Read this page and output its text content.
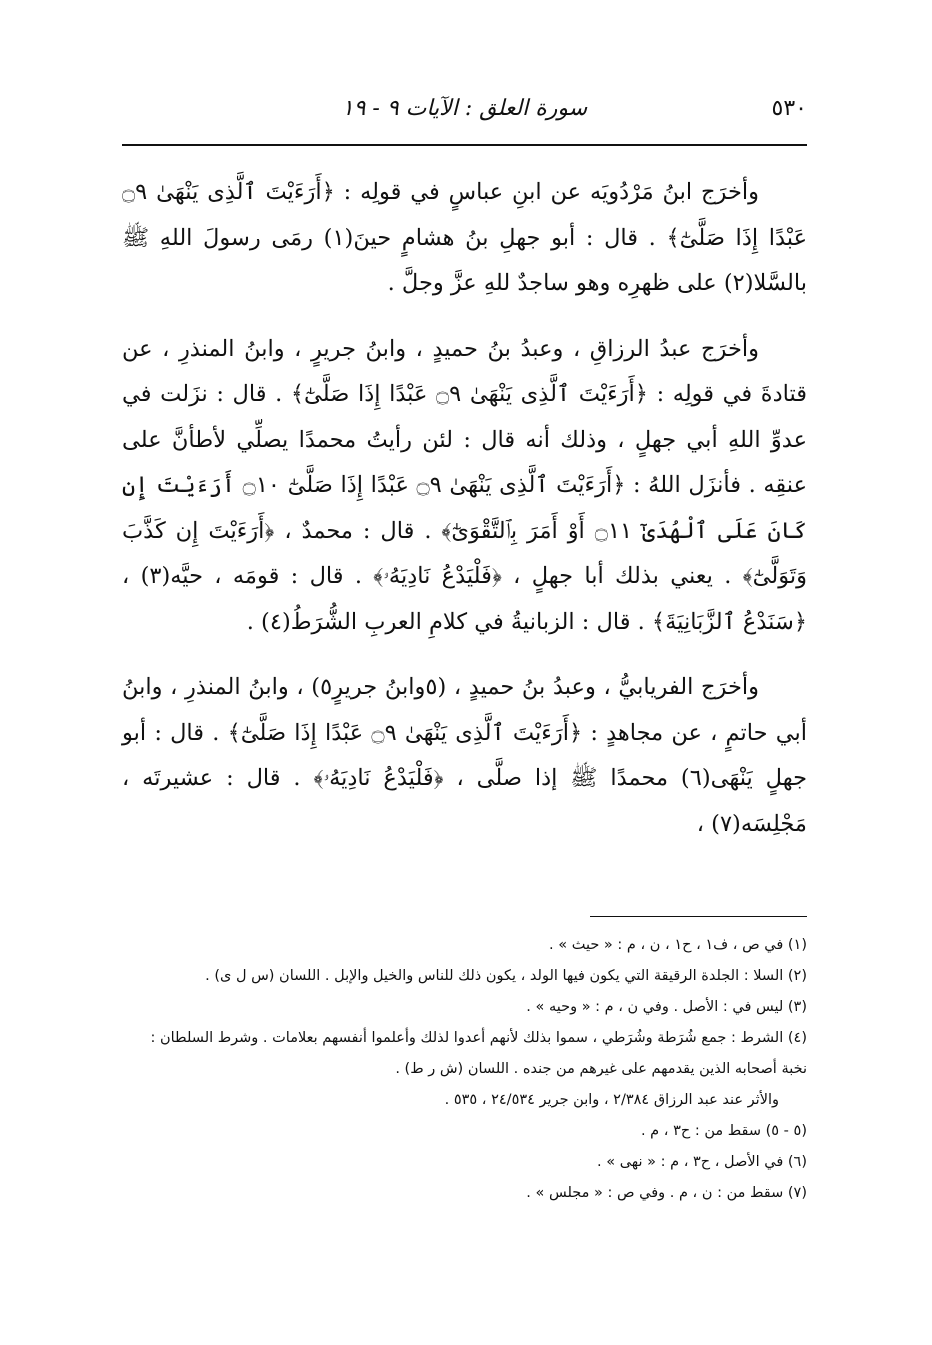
٥٣٠
سورة العلق : الآيات ٩ - ١٩

وأخرَج ابنُ مَرْدُويَه عن ابنِ عباسٍ في قولِه : ﴿أَرَءَيْتَ ٱلَّذِى يَنْهَىٰ ۝٩ عَبْدًا إِذَا صَلَّىٰٓ﴾ . قال : أبو جهلِ بنُ هشامٍ حينَ(١) رمَى رسولَ اللهِ ﷺ بالسَّلا(٢) على ظهرِه وهو ساجدٌ للهِ عزَّ وجلَّ .

وأخرَج عبدُ الرزاقِ ، وعبدُ بنُ حميدٍ ، وابنُ جريرٍ ، وابنُ المنذرِ ، عن قتادةَ في قولِه : ﴿أَرَءَيْتَ ٱلَّذِى يَنْهَىٰ ۝٩ عَبْدًا إِذَا صَلَّىٰٓ﴾ . قال : نزَلت في عدوِّ اللهِ أبي جهلٍ ، وذلك أنه قال : لئن رأيتُ محمدًا يصلِّي لأطأنَّ على عنقِه . فأنزَل اللهُ : ﴿أَرَءَيْتَ ٱلَّذِى يَنْهَىٰ ۝٩ عَبْدًا إِذَا صَلَّىٰٓ ۝١٠ أَرَءَيْتَ إِن كَانَ عَلَى ٱلْهُدَىٰٓ ۝١١ أَوْ أَمَرَ بِٱلتَّقْوَىٰٓ﴾ . قال : محمدٌ ، ﴿أَرَءَيْتَ إِن كَذَّبَ وَتَوَلَّىٰٓ﴾ . يعني بذلك أبا جهلٍ ، ﴿فَلْيَدْعُ نَادِيَهُۥ﴾ . قال : قومَه ، حيَّه(٣) ، ﴿سَنَدْعُ ٱلزَّبَانِيَةَ﴾ . قال : الزبانيةُ في كلامِ العربِ الشُّرَطُ(٤) .

وأخرَج الفريابيُّ ، وعبدُ بنُ حميدٍ ، (٥وابنُ جريرٍ٥) ، وابنُ المنذرِ ، وابنُ أبي حاتمٍ ، عن مجاهدٍ : ﴿أَرَءَيْتَ ٱلَّذِى يَنْهَىٰ ۝٩ عَبْدًا إِذَا صَلَّىٰٓ﴾ . قال : أبو جهلٍ يَنْهَى(٦) محمدًا ﷺ إذا صلَّى ، ﴿فَلْيَدْعُ نَادِيَهُۥ﴾ . قال : عشيرتَه ، مَجْلِسَه(٧) ،

(١) في ص ، ف١ ، ح١ ، ن ، م : « حيث » .

(٢) السلا : الجلدة الرقيقة التي يكون فيها الولد ، يكون ذلك للناس والخيل والإبل . اللسان (س ل ى) .

(٣) ليس في : الأصل . وفي ن ، م : « وحيه » .

(٤) الشرط : جمع شُرَطة وشُرَطي ، سموا بذلك لأنهم أعدوا لذلك وأعلموا أنفسهم بعلامات . وشرط السلطان : نخبة أصحابه الذين يقدمهم على غيرهم من جنده . اللسان (ش ر ط) .

والأثر عند عبد الرزاق ٢/٣٨٤ ، وابن جرير ٢٤/٥٣٤ ، ٥٣٥ .

(٥ - ٥) سقط من : ح٣ ، م .

(٦) في الأصل ، ح٣ ، م : « نهى » .

(٧) سقط من : ن ، م . وفي ص : « مجلس » .
